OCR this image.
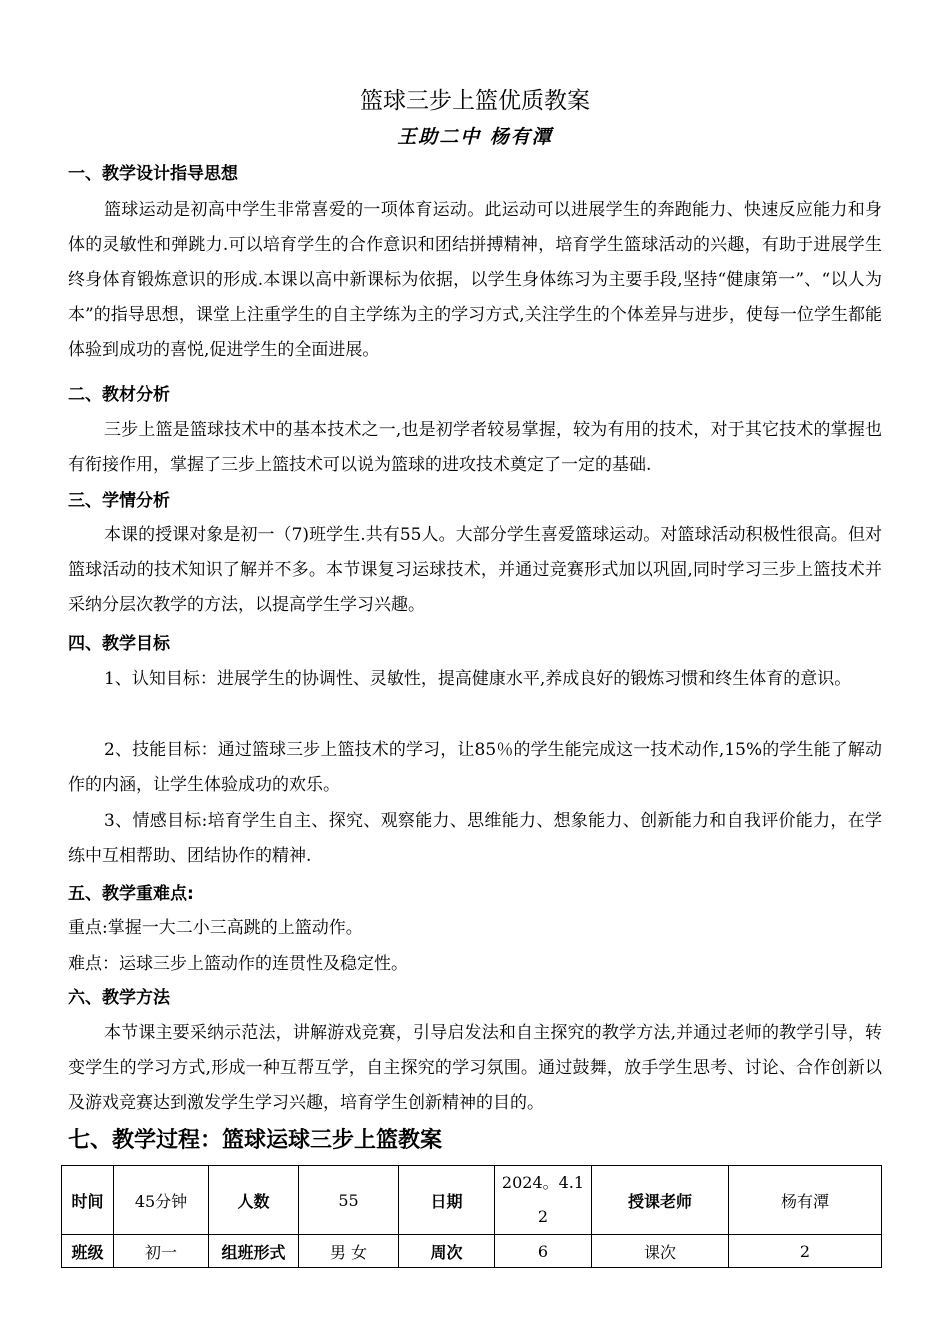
篮球三步上篮优质教案
王助二中 杨有潭
一、教学设计指导思想
篮球运动是初高中学生非常喜爱的一项体育运动。此运动可以进展学生的奔跑能力、快速反应能力和身体的灵敏性和弹跳力.可以培育学生的合作意识和团结拼搏精神，培育学生篮球活动的兴趣，有助于进展学生终身体育锻炼意识的形成.本课以高中新课标为依据，以学生身体练习为主要手段,坚持“健康第一”、“以人为本”的指导思想，课堂上注重学生的自主学练为主的学习方式,关注学生的个体差异与进步，使每一位学生都能体验到成功的喜悦,促进学生的全面进展。
二、教材分析
三步上篮是篮球技术中的基本技术之一,也是初学者较易掌握，较为有用的技术，对于其它技术的掌握也有衔接作用，掌握了三步上篮技术可以说为篮球的进攻技术奠定了一定的基础.
三、学情分析
本课的授课对象是初一（7)班学生.共有55人。大部分学生喜爱篮球运动。对篮球活动积极性很高。但对篮球活动的技术知识了解并不多。本节课复习运球技术，并通过竞赛形式加以巩固,同时学习三步上篮技术并采纳分层次教学的方法，以提高学生学习兴趣。
四、教学目标
1、认知目标：进展学生的协调性、灵敏性，提高健康水平,养成良好的锻炼习惯和终生体育的意识。
2、技能目标：通过篮球三步上篮技术的学习，让85％的学生能完成这一技术动作,15%的学生能了解动作的内涵，让学生体验成功的欢乐。
3、情感目标:培育学生自主、探究、观察能力、思维能力、想象能力、创新能力和自我评价能力，在学练中互相帮助、团结协作的精神.
五、教学重难点:
重点:掌握一大二小三高跳的上篮动作。
难点：运球三步上篮动作的连贯性及稳定性。
六、教学方法
本节课主要采纳示范法，讲解游戏竞赛，引导启发法和自主探究的教学方法,并通过老师的教学引导，转变学生的学习方式,形成一种互帮互学，自主探究的学习氛围。通过鼓舞，放手学生思考、讨论、合作创新以及游戏竞赛达到激发学生学习兴趣，培育学生创新精神的目的。
七、教学过程：篮球运球三步上篮教案
时间	45分钟	人数	55	日期	2024。4.12	授课老师	杨有潭
班级	初一	组班形式	男 女	周次	6	课次	2
